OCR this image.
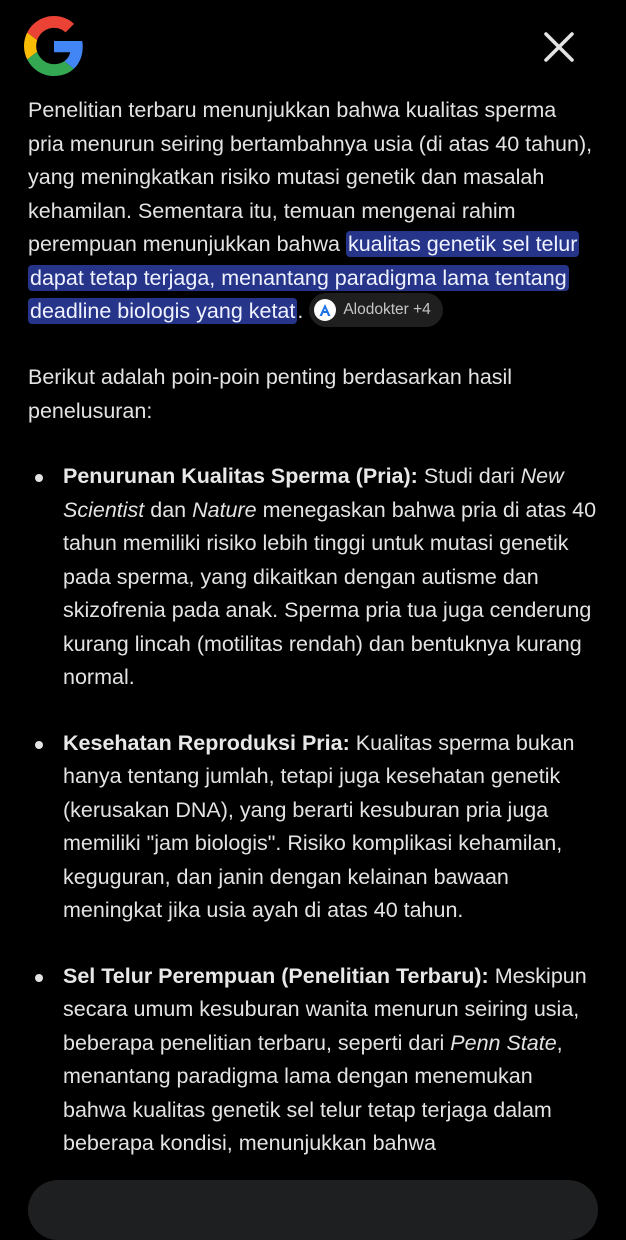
Penelitian terbaru menunjukkan bahwa kualitas sperma pria menurun seiring bertambahnya usia (di atas 40 tahun), yang meningkatkan risiko mutasi genetik dan masalah kehamilan. Sementara itu, temuan mengenai rahim perempuan menunjukkan bahwa kualitas genetik sel telur dapat tetap terjaga, menantang paradigma lama tentang deadline biologis yang ketat.	Alodokter +4

Berikut adalah poin-poin penting berdasarkan hasil penelusuran:

Penurunan Kualitas Sperma (Pria): Studi dari New Scientist dan Nature menegaskan bahwa pria di atas 40 tahun memiliki risiko lebih tinggi untuk mutasi genetik pada sperma, yang dikaitkan dengan autisme dan skizofrenia pada anak. Sperma pria tua juga cenderung kurang lincah (motilitas rendah) dan bentuknya kurang normal.
Kesehatan Reproduksi Pria: Kualitas sperma bukan hanya tentang jumlah, tetapi juga kesehatan genetik (kerusakan DNA), yang berarti kesuburan pria juga memiliki "jam biologis". Risiko komplikasi kehamilan, keguguran, dan janin dengan kelainan bawaan meningkat jika usia ayah di atas 40 tahun.
Sel Telur Perempuan (Penelitian Terbaru): Meskipun secara umum kesuburan wanita menurun seiring usia, beberapa penelitian terbaru, seperti dari Penn State, menantang paradigma lama dengan menemukan bahwa kualitas genetik sel telur tetap terjaga dalam beberapa kondisi, menunjukkan bahwa
